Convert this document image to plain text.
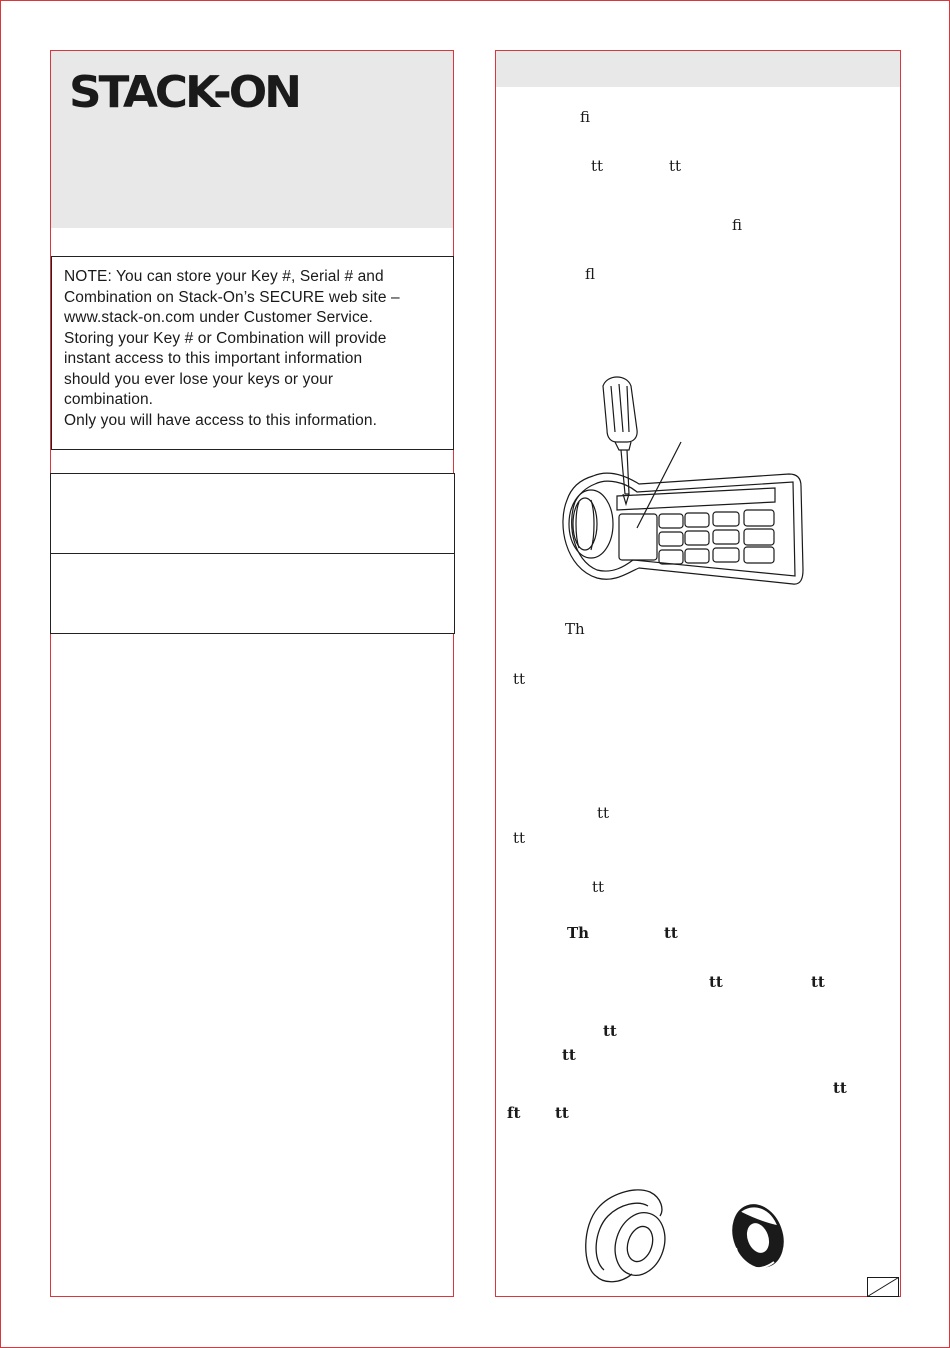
STACK-ON
NOTE: You can store your Key #, Serial # and
Combination on Stack-On’s SECURE web site –
www.stack-on.com under Customer Service.
Storing your Key # or Combination will provide
instant access to this important information
should you ever lose your keys or your
combination.
Only you will have access to this information.
ﬁ
tt	tt
ﬁ
ﬂ
Th
tt
tt
tt
tt
Th	tt
tt	tt
tt
tt
tt
ft tt
